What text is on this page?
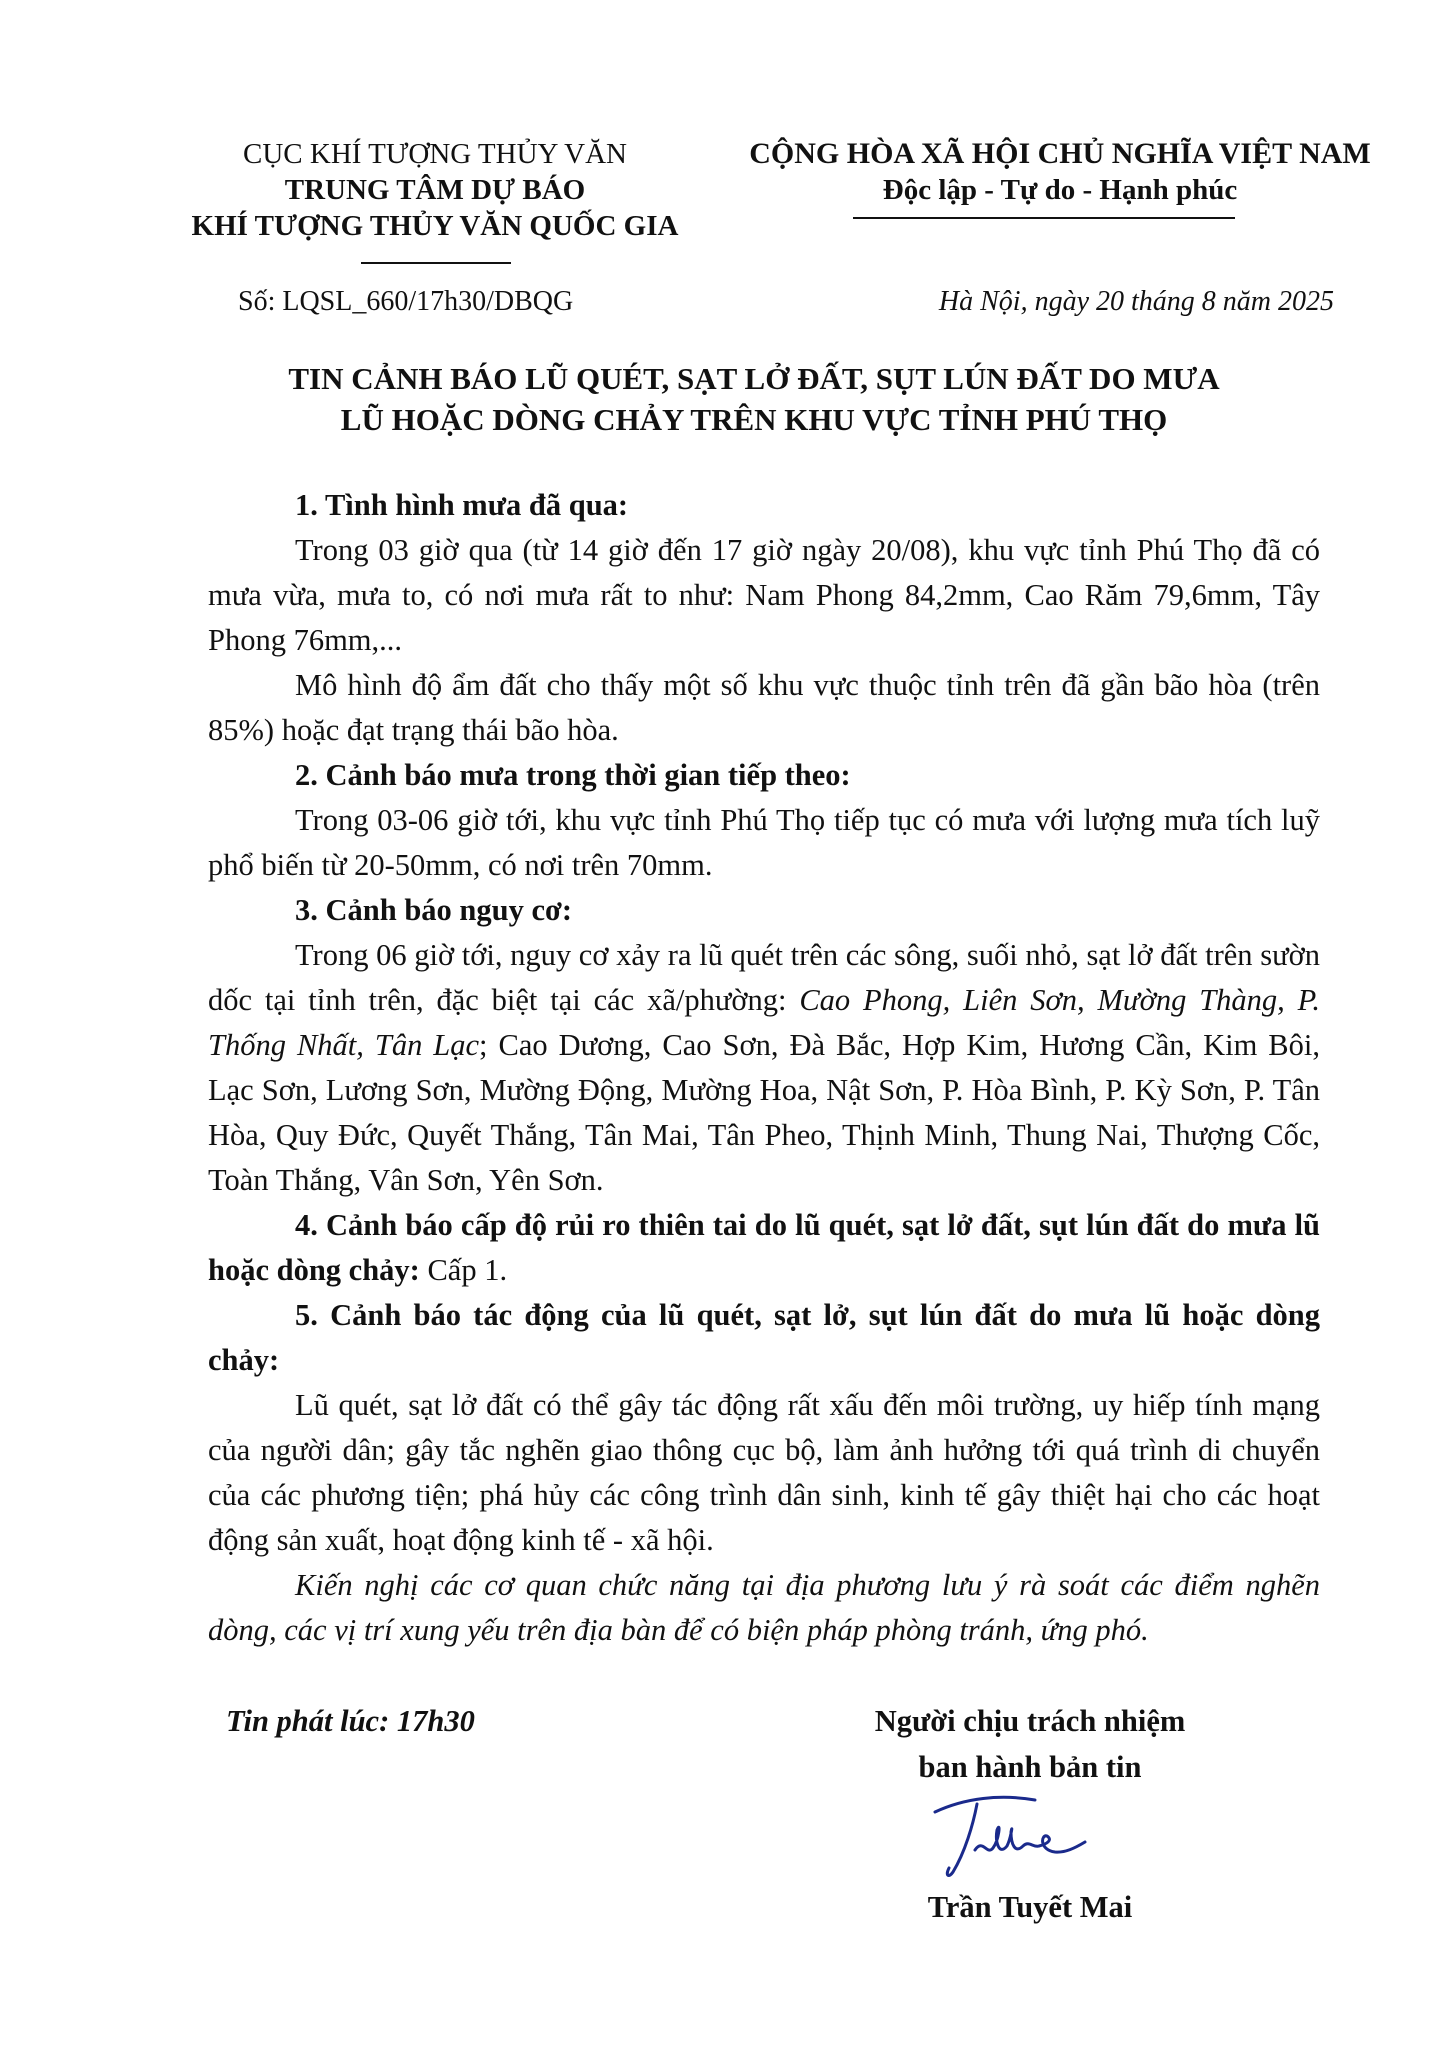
CỤC KHÍ TƯỢNG THỦY VĂN
TRUNG TÂM DỰ BÁO
KHÍ TƯỢNG THỦY VĂN QUỐC GIA
CỘNG HÒA XÃ HỘI CHỦ NGHĨA VIỆT NAM
Độc lập - Tự do - Hạnh phúc
Số: LQSL_660/17h30/DBQG	Hà Nội, ngày 20 tháng 8 năm 2025
TIN CẢNH BÁO LŨ QUÉT, SẠT LỞ ĐẤT, SỤT LÚN ĐẤT DO MƯA
LŨ HOẶC DÒNG CHẢY TRÊN KHU VỰC TỈNH PHÚ THỌ

1. Tình hình mưa đã qua:

Trong 03 giờ qua (từ 14 giờ đến 17 giờ ngày 20/08), khu vực tỉnh Phú Thọ đã có mưa vừa, mưa to, có nơi mưa rất to như: Nam Phong 84,2mm, Cao Răm 79,6mm, Tây Phong 76mm,...

Mô hình độ ẩm đất cho thấy một số khu vực thuộc tỉnh trên đã gần bão hòa (trên 85%) hoặc đạt trạng thái bão hòa.

2. Cảnh báo mưa trong thời gian tiếp theo:

Trong 03-06 giờ tới, khu vực tỉnh Phú Thọ tiếp tục có mưa với lượng mưa tích luỹ phổ biến từ 20-50mm, có nơi trên 70mm.

3. Cảnh báo nguy cơ:

Trong 06 giờ tới, nguy cơ xảy ra lũ quét trên các sông, suối nhỏ, sạt lở đất trên sườn dốc tại tỉnh trên, đặc biệt tại các xã/phường: Cao Phong, Liên Sơn, Mường Thàng, P. Thống Nhất, Tân Lạc; Cao Dương, Cao Sơn, Đà Bắc, Hợp Kim, Hương Cần, Kim Bôi, Lạc Sơn, Lương Sơn, Mường Động, Mường Hoa, Nật Sơn, P. Hòa Bình, P. Kỳ Sơn, P. Tân Hòa, Quy Đức, Quyết Thắng, Tân Mai, Tân Pheo, Thịnh Minh, Thung Nai, Thượng Cốc, Toàn Thắng, Vân Sơn, Yên Sơn.

4. Cảnh báo cấp độ rủi ro thiên tai do lũ quét, sạt lở đất, sụt lún đất do mưa lũ hoặc dòng chảy: Cấp 1.

5. Cảnh báo tác động của lũ quét, sạt lở, sụt lún đất do mưa lũ hoặc dòng chảy:

Lũ quét, sạt lở đất có thể gây tác động rất xấu đến môi trường, uy hiếp tính mạng của người dân; gây tắc nghẽn giao thông cục bộ, làm ảnh hưởng tới quá trình di chuyển của các phương tiện; phá hủy các công trình dân sinh, kinh tế gây thiệt hại cho các hoạt động sản xuất, hoạt động kinh tế - xã hội.

Kiến nghị các cơ quan chức năng tại địa phương lưu ý rà soát các điểm nghẽn dòng, các vị trí xung yếu trên địa bàn để có biện pháp phòng tránh, ứng phó.

Tin phát lúc: 17h30	Người chịu trách nhiệm
ban hành bản tin
Trần Tuyết Mai
